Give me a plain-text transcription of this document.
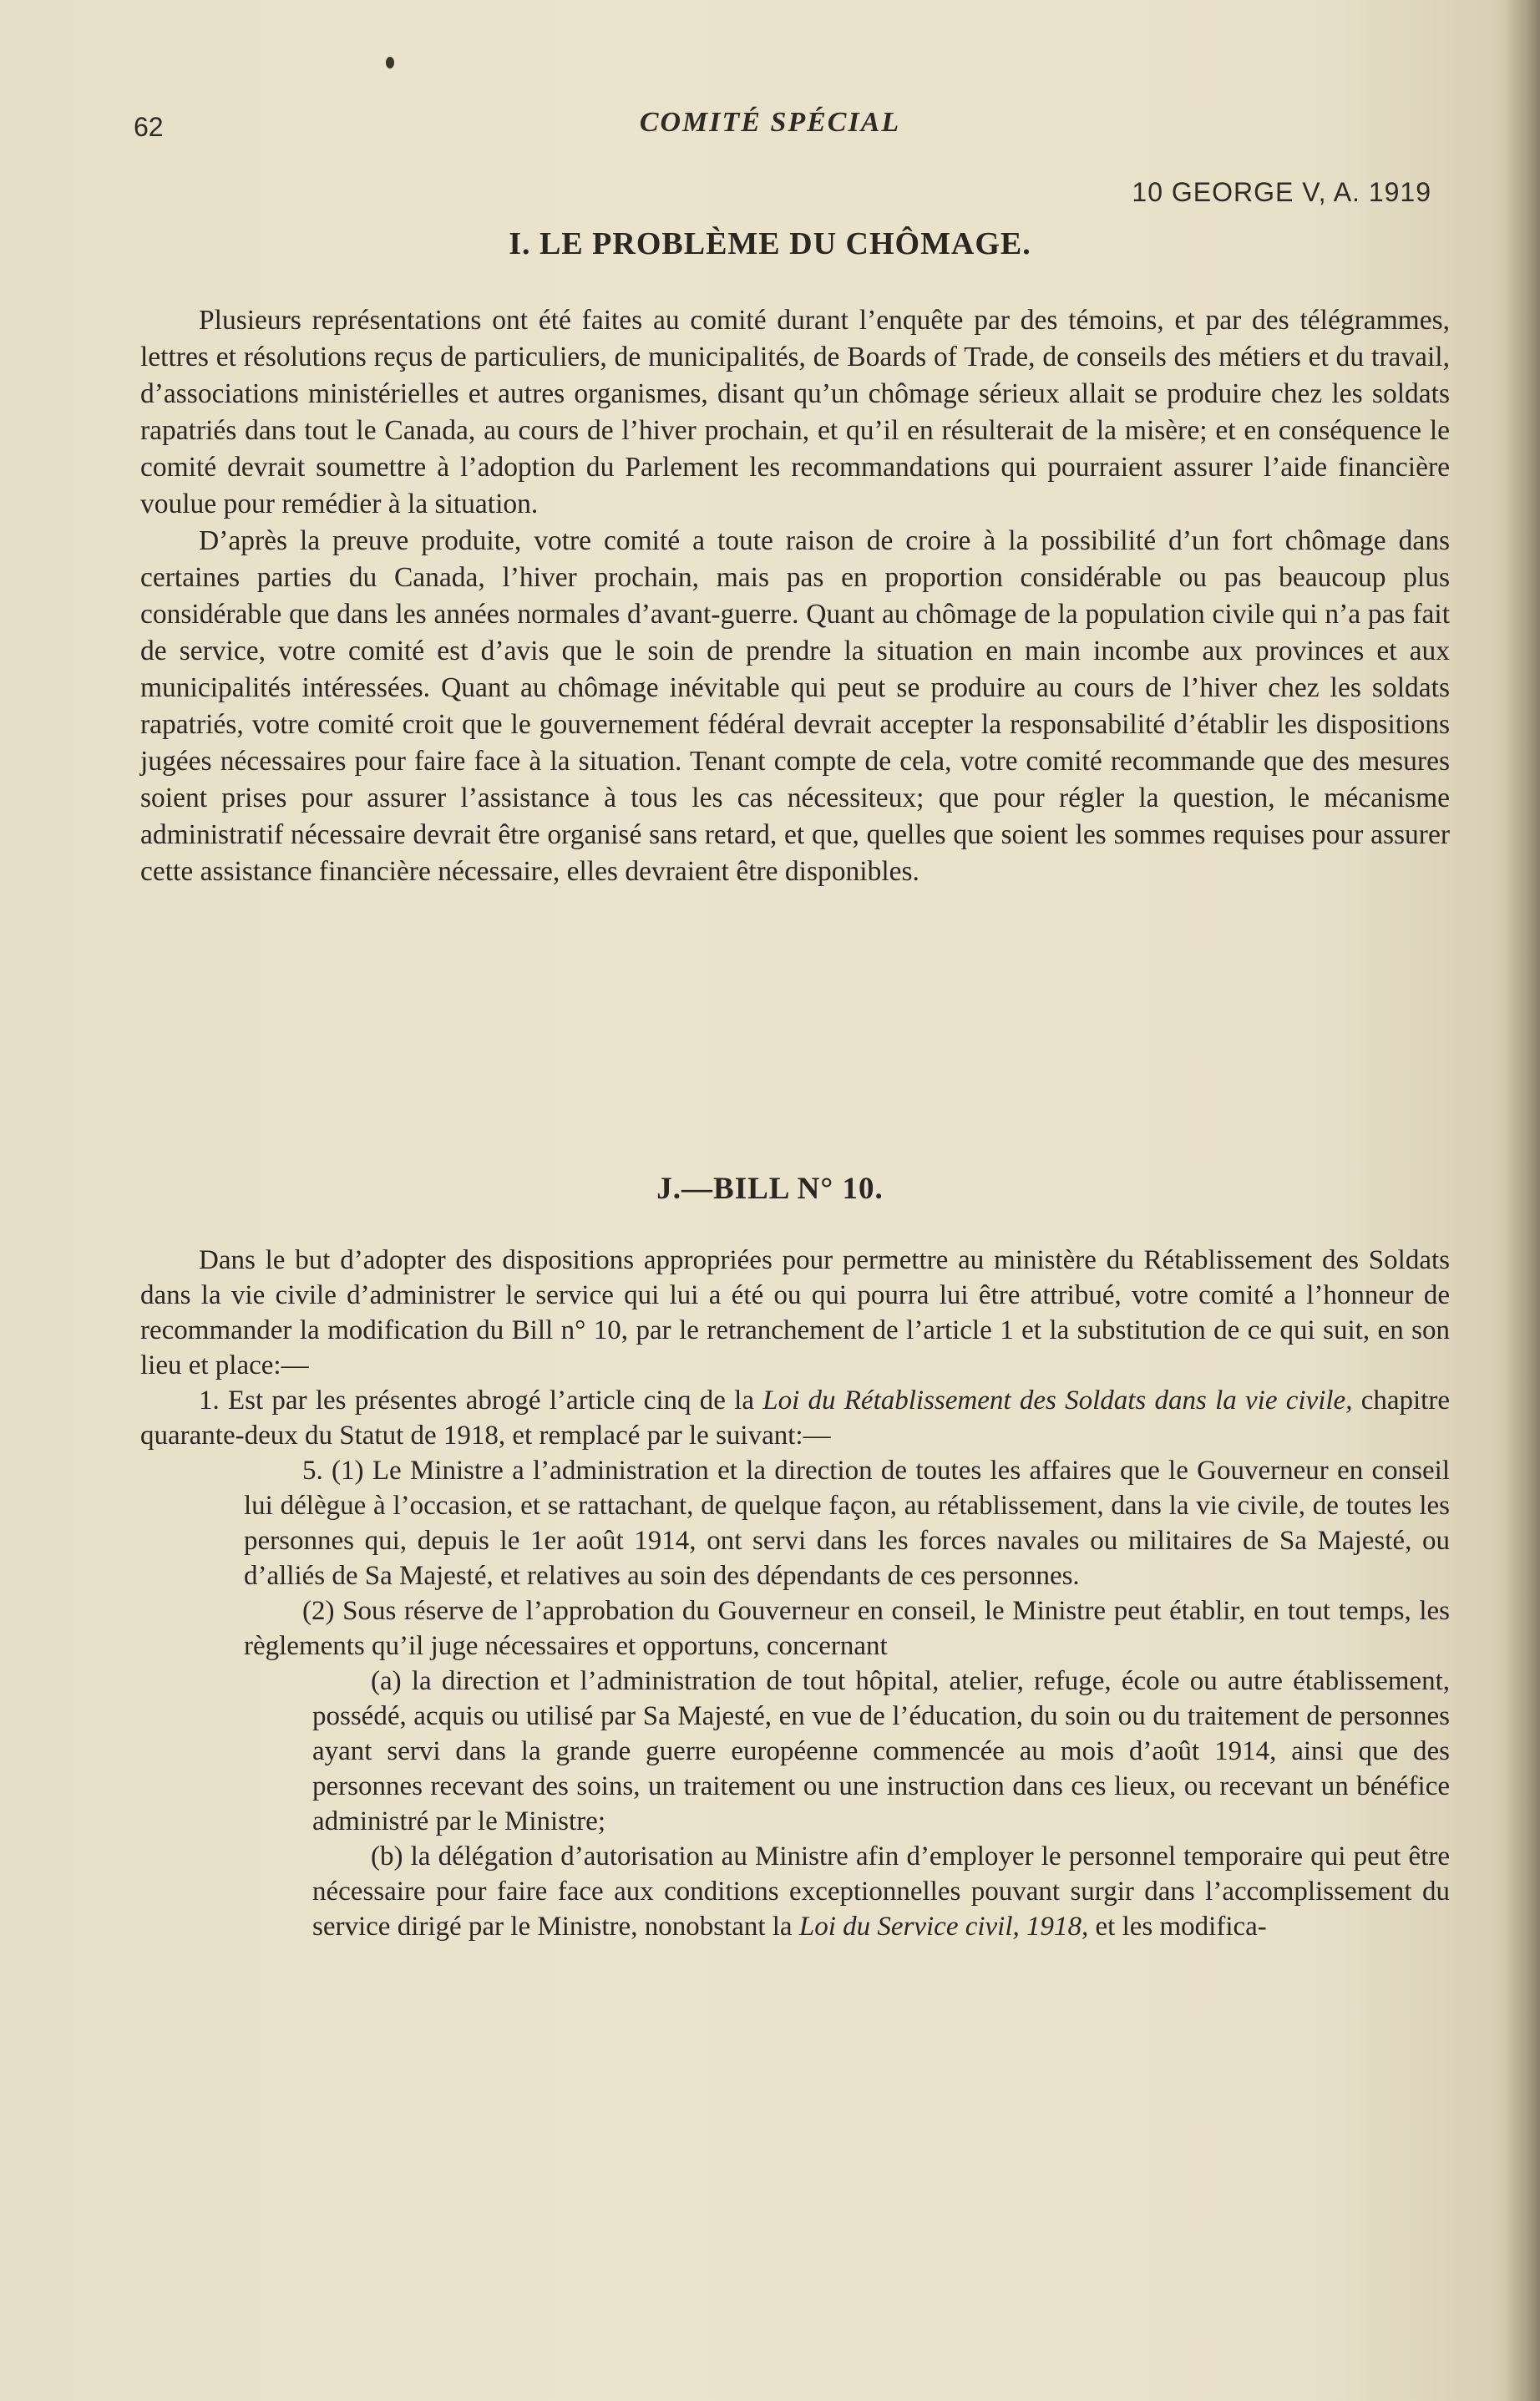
62	COMITÉ SPÉCIAL
10 GEORGE V, A. 1919
I. LE PROBLÈME DU CHÔMAGE.

Plusieurs représentations ont été faites au comité durant l’enquête par des témoins, et par des télégrammes, lettres et résolutions reçus de particuliers, de municipalités, de Boards of Trade, de conseils des métiers et du travail, d’associations ministérielles et autres organismes, disant qu’un chômage sérieux allait se produire chez les soldats rapatriés dans tout le Canada, au cours de l’hiver prochain, et qu’il en résulterait de la misère; et en conséquence le comité devrait soumettre à l’adoption du Parlement les recommandations qui pourraient assurer l’aide financière voulue pour remédier à la situation.

D’après la preuve produite, votre comité a toute raison de croire à la possibilité d’un fort chômage dans certaines parties du Canada, l’hiver prochain, mais pas en proportion considérable ou pas beaucoup plus considérable que dans les années normales d’avant-guerre. Quant au chômage de la population civile qui n’a pas fait de service, votre comité est d’avis que le soin de prendre la situation en main incombe aux provinces et aux municipalités intéressées. Quant au chômage inévitable qui peut se produire au cours de l’hiver chez les soldats rapatriés, votre comité croit que le gouvernement fédéral devrait accepter la responsabilité d’établir les dispositions jugées nécessaires pour faire face à la situation. Tenant compte de cela, votre comité recommande que des mesures soient prises pour assurer l’assistance à tous les cas nécessiteux; que pour régler la question, le mécanisme administratif nécessaire devrait être organisé sans retard, et que, quelles que soient les sommes requises pour assurer cette assistance financière nécessaire, elles devraient être disponibles.

J.—BILL N° 10.

Dans le but d’adopter des dispositions appropriées pour permettre au ministère du Rétablissement des Soldats dans la vie civile d’administrer le service qui lui a été ou qui pourra lui être attribué, votre comité a l’honneur de recommander la modification du Bill n° 10, par le retranchement de l’article 1 et la substitution de ce qui suit, en son lieu et place:—

1. Est par les présentes abrogé l’article cinq de la Loi du Rétablissement des Soldats dans la vie civile, chapitre quarante-deux du Statut de 1918, et remplacé par le suivant:—

5. (1) Le Ministre a l’administration et la direction de toutes les affaires que le Gouverneur en conseil lui délègue à l’occasion, et se rattachant, de quelque façon, au rétablissement, dans la vie civile, de toutes les personnes qui, depuis le 1er août 1914, ont servi dans les forces navales ou militaires de Sa Majesté, ou d’alliés de Sa Majesté, et relatives au soin des dépendants de ces personnes.

(2) Sous réserve de l’approbation du Gouverneur en conseil, le Ministre peut établir, en tout temps, les règlements qu’il juge nécessaires et opportuns, concernant

(a) la direction et l’administration de tout hôpital, atelier, refuge, école ou autre établissement, possédé, acquis ou utilisé par Sa Majesté, en vue de l’éducation, du soin ou du traitement de personnes ayant servi dans la grande guerre européenne commencée au mois d’août 1914, ainsi que des personnes recevant des soins, un traitement ou une instruction dans ces lieux, ou recevant un bénéfice administré par le Ministre;

(b) la délégation d’autorisation au Ministre afin d’employer le personnel temporaire qui peut être nécessaire pour faire face aux conditions exceptionnelles pouvant surgir dans l’accomplissement du service dirigé par le Ministre, nonobstant la Loi du Service civil, 1918, et les modifica-
